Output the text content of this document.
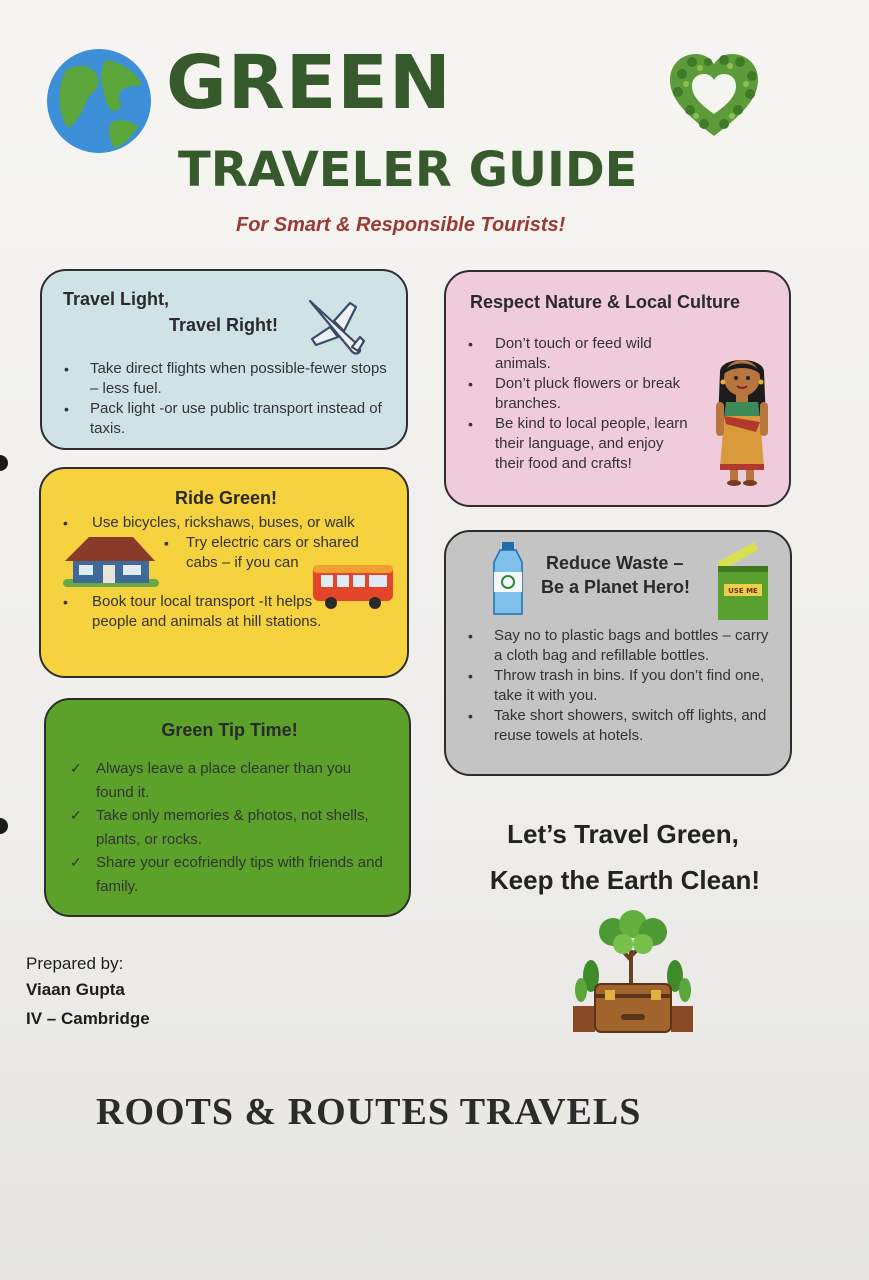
GREEN
TRAVELER GUIDE
For Smart & Responsible Tourists!
Travel Light,
Travel Right!
• Take direct flights when possible-fewer stops – less fuel.
• Pack light -or use public transport instead of taxis.
Respect Nature & Local Culture
• Don’t touch or feed wild animals.
• Don’t pluck flowers or break branches.
• Be kind to local people, learn their language, and enjoy their food and crafts!
Ride Green!
• Use bicycles, rickshaws, buses, or walk
▪ Try electric cars or shared cabs – if you can
• Book tour local transport -It helps people and animals at hill stations.
Reduce Waste –
Be a Planet Hero!	USE ME
• Say no to plastic bags and bottles – carry a cloth bag and refillable bottles.
• Throw trash in bins. If you don’t find one, take it with you.
• Take short showers, switch off lights, and reuse towels at hotels.
Green Tip Time!
✓ Always leave a place cleaner than you found it.
✓ Take only memories & photos, not shells, plants, or rocks.
✓ Share your ecofriendly tips with friends and family.
Let’s Travel Green,
Keep the Earth Clean!
Prepared by:
Viaan Gupta
IV – Cambridge
ROOTS & ROUTES TRAVELS
